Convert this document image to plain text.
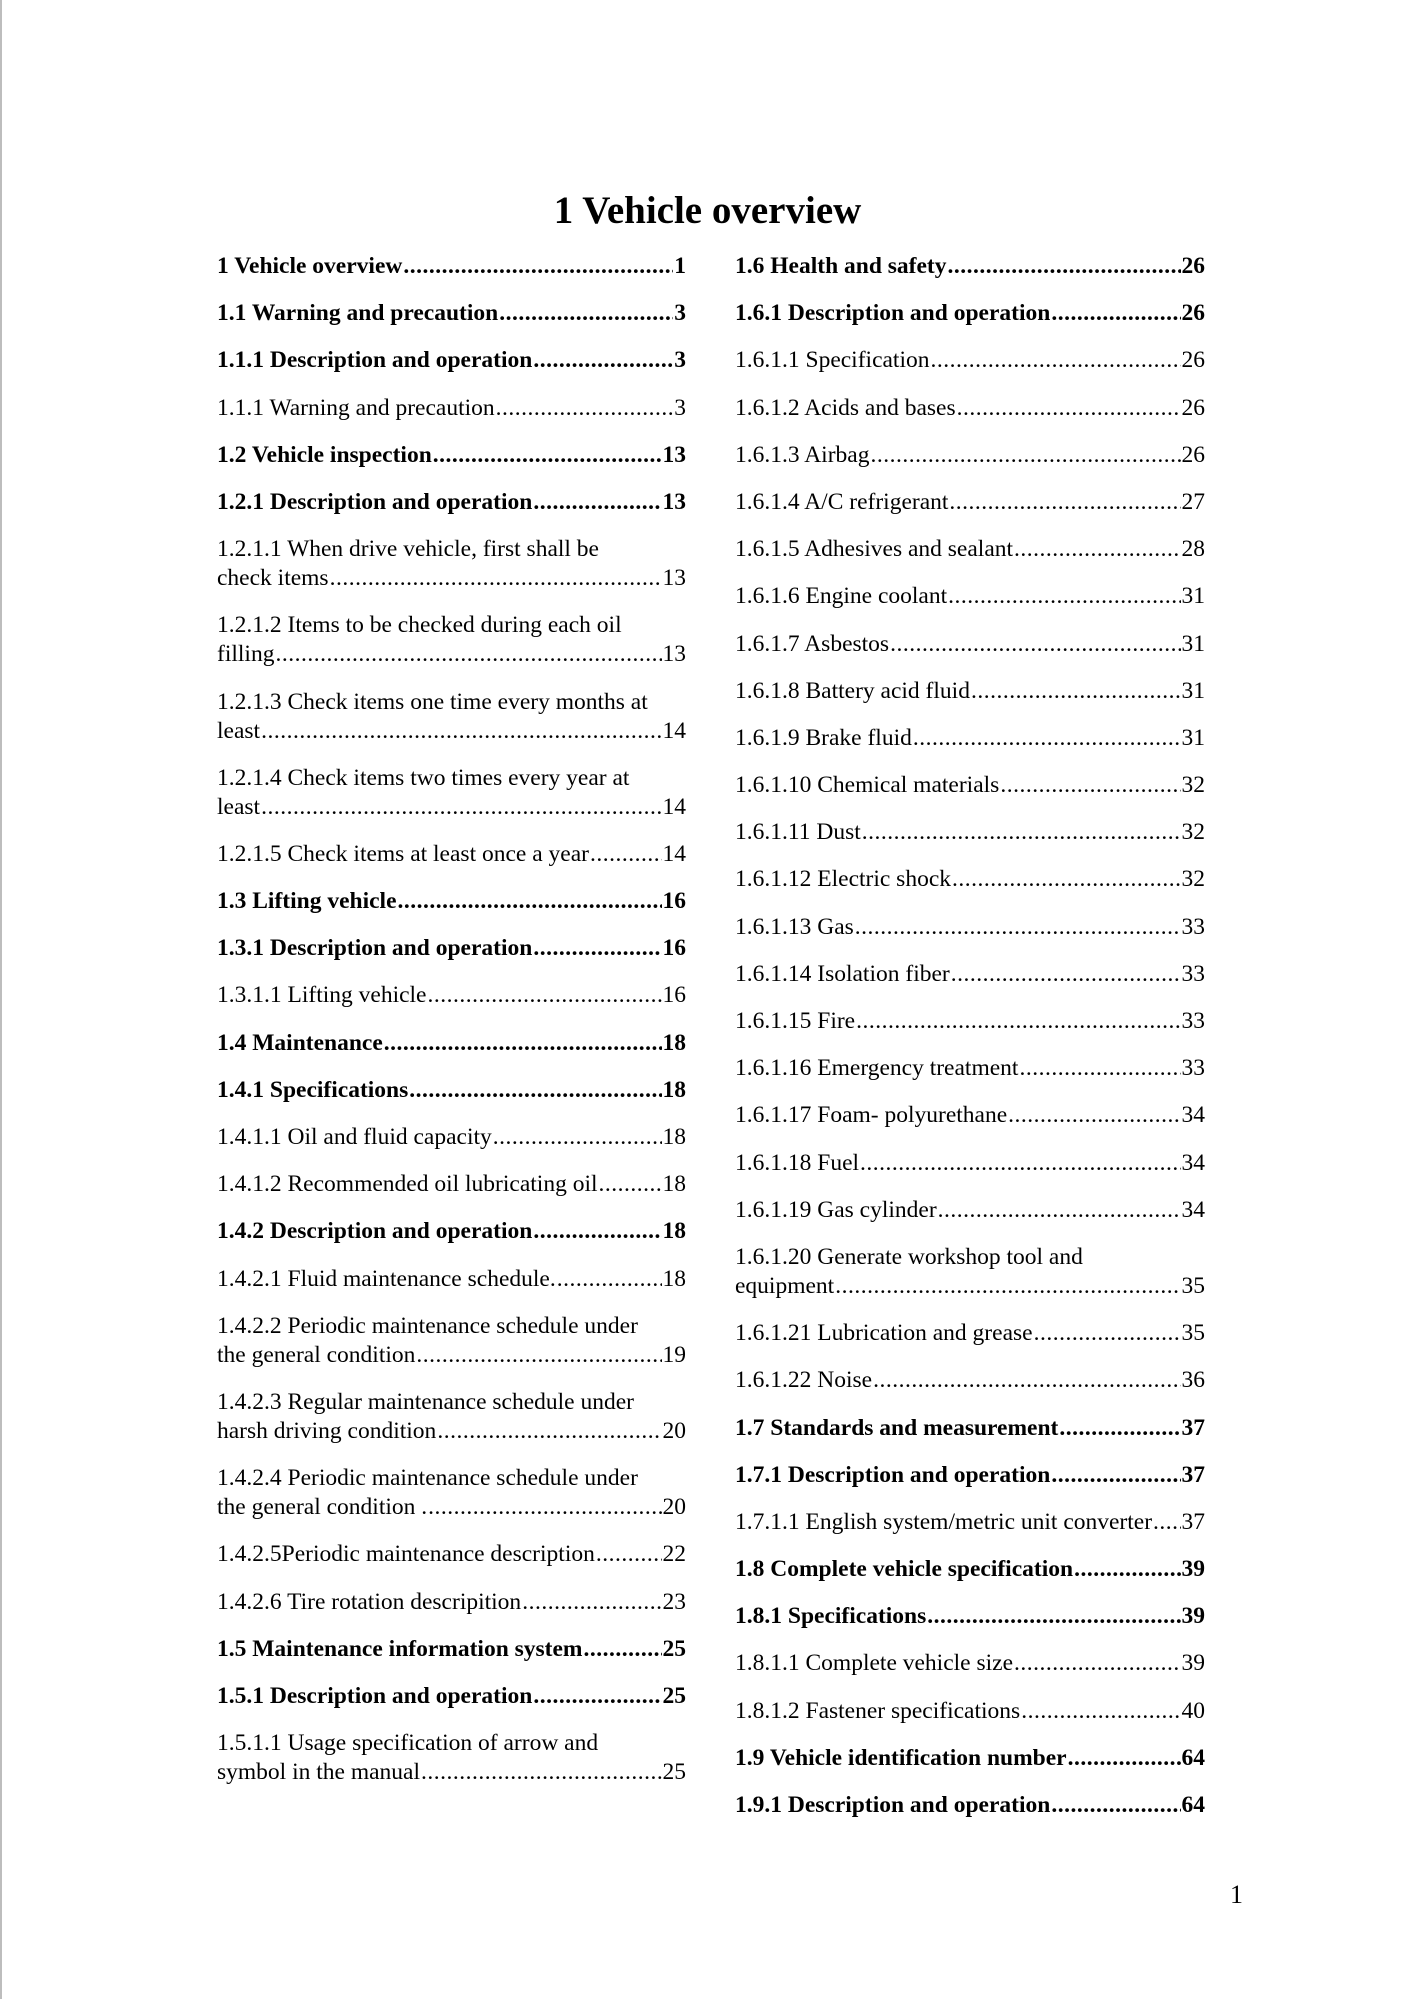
1 Vehicle overview
1 Vehicle overview .....	1
1.1 Warning and precaution .....	3
1.1.1 Description and operation .....	3
1.1.1 Warning and precaution .....	3
1.2 Vehicle inspection .....	13
1.2.1 Description and operation .....	13
1.2.1.1 When drive vehicle, first shall be
check items .....	13
1.2.1.2 Items to be checked during each oil
filling .....	13
1.2.1.3 Check items one time every months at
least .....	14
1.2.1.4 Check items two times every year at
least .....	14
1.2.1.5 Check items at least once a year .....	14
1.3 Lifting vehicle .....	16
1.3.1 Description and operation .....	16
1.3.1.1 Lifting vehicle .....	16
1.4 Maintenance .....	18
1.4.1 Specifications .....	18
1.4.1.1 Oil and fluid capacity .....	18
1.4.1.2 Recommended oil lubricating oil .....	18
1.4.2 Description and operation .....	18
1.4.2.1 Fluid maintenance schedule. .....	18
1.4.2.2 Periodic maintenance schedule under
the general condition .....	19
1.4.2.3 Regular maintenance schedule under
harsh driving condition .....	20
1.4.2.4 Periodic maintenance schedule under
the general condition . .....	20
1.4.2.5Periodic maintenance description .....	22
1.4.2.6 Tire rotation descripition .....	23
1.5 Maintenance information system .....	25
1.5.1 Description and operation .....	25
1.5.1.1 Usage specification of arrow and
symbol in the manual .....	25
1.6 Health and safety .....	26
1.6.1 Description and operation .....	26
1.6.1.1 Specification .....	26
1.6.1.2 Acids and bases .....	26
1.6.1.3 Airbag .....	26
1.6.1.4 A/C refrigerant .....	27
1.6.1.5 Adhesives and sealant .....	28
1.6.1.6 Engine coolant .....	31
1.6.1.7 Asbestos .....	31
1.6.1.8 Battery acid fluid .....	31
1.6.1.9 Brake fluid .....	31
1.6.1.10 Chemical materials .....	32
1.6.1.11 Dust .....	32
1.6.1.12 Electric shock .....	32
1.6.1.13 Gas .....	33
1.6.1.14 Isolation fiber .....	33
1.6.1.15 Fire .....	33
1.6.1.16 Emergency treatment .....	33
1.6.1.17 Foam- polyurethane .....	34
1.6.1.18 Fuel .....	34
1.6.1.19 Gas cylinder .....	34
1.6.1.20 Generate workshop tool and
equipment .....	35
1.6.1.21 Lubrication and grease .....	35
1.6.1.22 Noise .....	36
1.7 Standards and measurement .....	37
1.7.1 Description and operation .....	37
1.7.1.1 English system/metric unit converter ..... 37
1.8 Complete vehicle specification .....	39
1.8.1 Specifications .....	39
1.8.1.1 Complete vehicle size .....	39
1.8.1.2 Fastener specifications .....	40
1.9 Vehicle identification number .....	64
1.9.1 Description and operation .....	64
1
